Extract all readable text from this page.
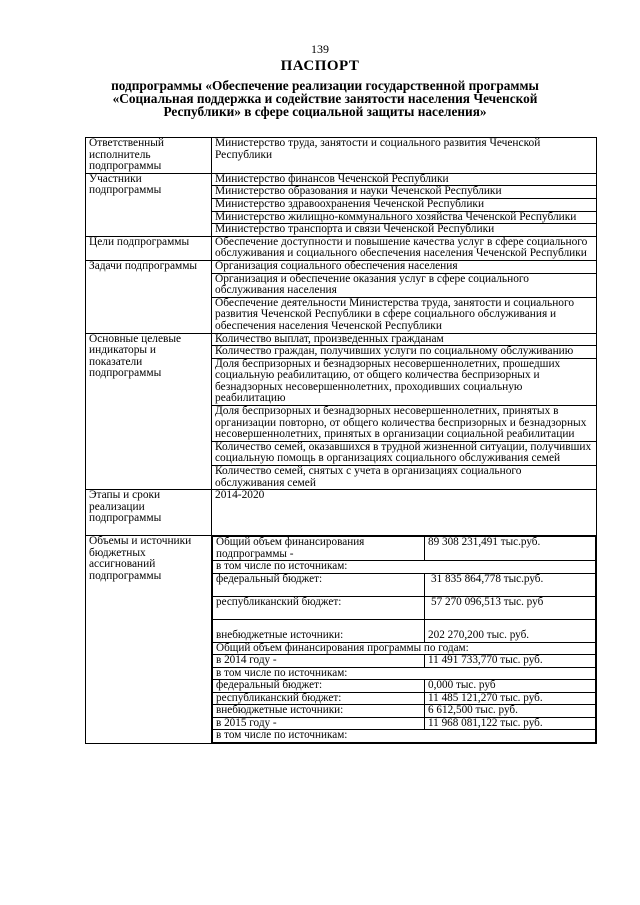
139
ПАСПОРТ
подпрограммы «Обеспечение реализации государственной программы
«Социальная поддержка и содействие занятости населения Чеченской
Республики» в сфере социальной защиты населения»
Ответственный исполнитель подпрограммы	Министерство труда, занятости и социального развития Чеченской Республики
Участники подпрограммы	Министерство финансов Чеченской Республики
Министерство образования и науки Чеченской Республики
Министерство здравоохранения Чеченской Республики
Министерство жилищно-коммунального хозяйства Чеченской Республики
Министерство транспорта и связи Чеченской Республики
Цели подпрограммы	Обеспечение доступности и повышение качества услуг в сфере социального обслуживания и социального обеспечения населения Чеченской Республики
Задачи подпрограммы	Организация социального обеспечения населения
Организация и обеспечение оказания услуг в сфере социального обслуживания населения
Обеспечение деятельности Министерства труда, занятости и социального развития Чеченской Республики в сфере социального обслуживания и обеспечения населения Чеченской Республики
Основные целевые индикаторы и показатели подпрограммы	Количество выплат, произведенных гражданам
Количество граждан, получивших услуги по социальному обслуживанию
Доля беспризорных и безнадзорных несовершеннолетних, прошедших социальную реабилитацию, от общего количества беспризорных и безнадзорных несовершеннолетних, проходивших социальную реабилитацию
Доля беспризорных и безнадзорных несовершеннолетних, принятых в организации повторно, от общего количества беспризорных и безнадзорных несовершеннолетних, принятых в организации социальной реабилитации
Количество семей, оказавшихся в трудной жизненной ситуации, получивших социальную помощь в организациях социального обслуживания семей
Количество семей, снятых с учета в организациях социального обслуживания семей
Этапы и сроки реализации подпрограммы	2014-2020
Объемы и источники бюджетных ассигнований подпрограммы	
Общий объем финансирования подпрограммы -	89 308 231,491 тыс.руб.
в том числе по источникам:
федеральный бюджет:	31 835 864,778 тыс.руб.
республиканский бюджет:	57 270 096,513 тыс. руб
внебюджетные источники:	202 270,200 тыс. руб.
Общий объем финансирования программы по годам:
в 2014 году -	11 491 733,770 тыс. руб.
в том числе по источникам:
федеральный бюджет:	0,000 тыс. руб
республиканский бюджет:	11 485 121,270 тыс. руб.
внебюджетные источники:	6 612,500 тыс. руб.
в 2015 году -	11 968 081,122 тыс. руб.
в том числе по источникам:
